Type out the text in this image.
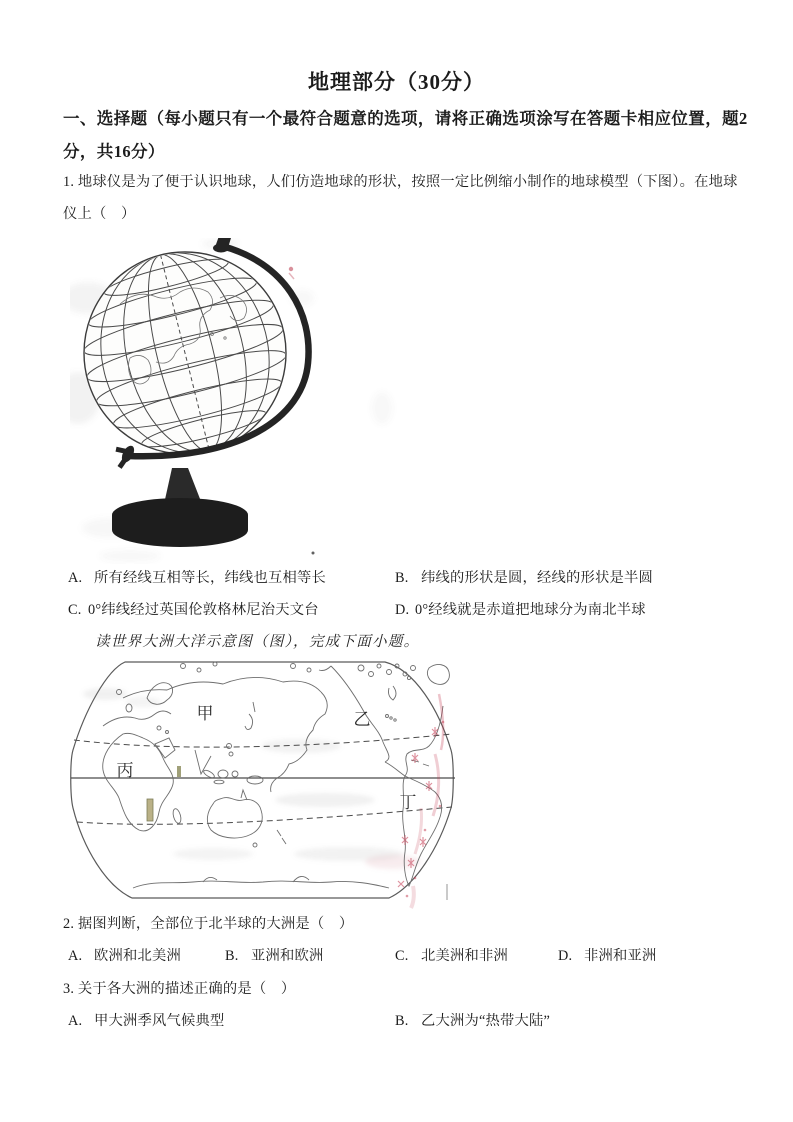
地理部分（30分）
一、选择题（每小题只有一个最符合题意的选项，请将正确选项涂写在答题卡相应位置，题2
分，共16分）
1. 地球仪是为了便于认识地球，人们仿造地球的形状，按照一定比例缩小制作的地球模型（下图）。在地球
仪上（　）
A. 所有经线互相等长，纬线也互相等长	B. 纬线的形状是圆，经线的形状是半圆
C. 0°纬线经过英国伦敦格林尼治天文台	D. 0°经线就是赤道把地球分为南北半球
读世界大洲大洋示意图（图），完成下面小题。
甲	乙
丙
丁
2. 据图判断，全部位于北半球的大洲是（　）
A. 欧洲和北美洲	B. 亚洲和欧洲	C. 北美洲和非洲	D. 非洲和亚洲
3. 关于各大洲的描述正确的是（　）
A. 甲大洲季风气候典型	B. 乙大洲为“热带大陆”
